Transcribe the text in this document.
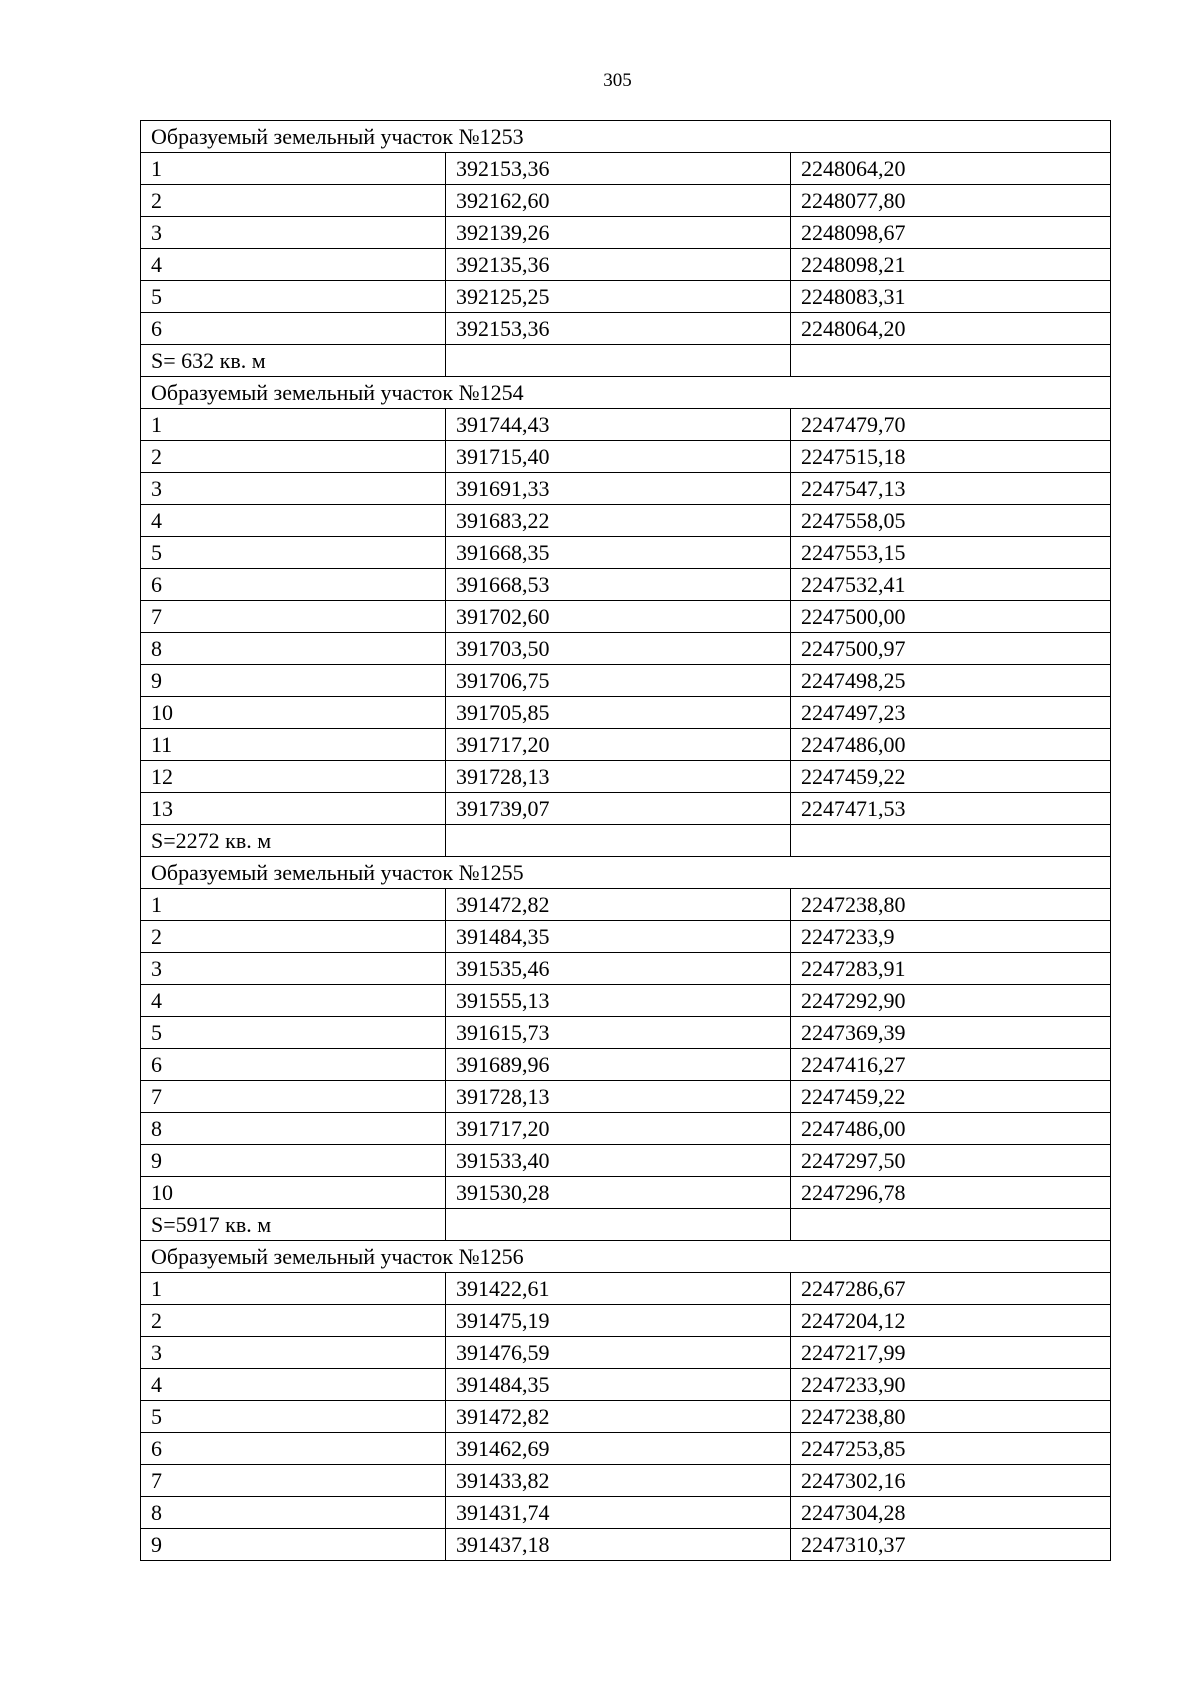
305
Образуемый земельный участок №1253		
1	392153,36	2248064,20
2	392162,60	2248077,80
3	392139,26	2248098,67
4	392135,36	2248098,21
5	392125,25	2248083,31
6	392153,36	2248064,20
S= 632 кв. м		
Образуемый земельный участок №1254		
1	391744,43	2247479,70
2	391715,40	2247515,18
3	391691,33	2247547,13
4	391683,22	2247558,05
5	391668,35	2247553,15
6	391668,53	2247532,41
7	391702,60	2247500,00
8	391703,50	2247500,97
9	391706,75	2247498,25
10	391705,85	2247497,23
11	391717,20	2247486,00
12	391728,13	2247459,22
13	391739,07	2247471,53
S=2272 кв. м		
Образуемый земельный участок №1255		
1	391472,82	2247238,80
2	391484,35	2247233,9
3	391535,46	2247283,91
4	391555,13	2247292,90
5	391615,73	2247369,39
6	391689,96	2247416,27
7	391728,13	2247459,22
8	391717,20	2247486,00
9	391533,40	2247297,50
10	391530,28	2247296,78
S=5917 кв. м		
Образуемый земельный участок №1256		
1	391422,61	2247286,67
2	391475,19	2247204,12
3	391476,59	2247217,99
4	391484,35	2247233,90
5	391472,82	2247238,80
6	391462,69	2247253,85
7	391433,82	2247302,16
8	391431,74	2247304,28
9	391437,18	2247310,37
